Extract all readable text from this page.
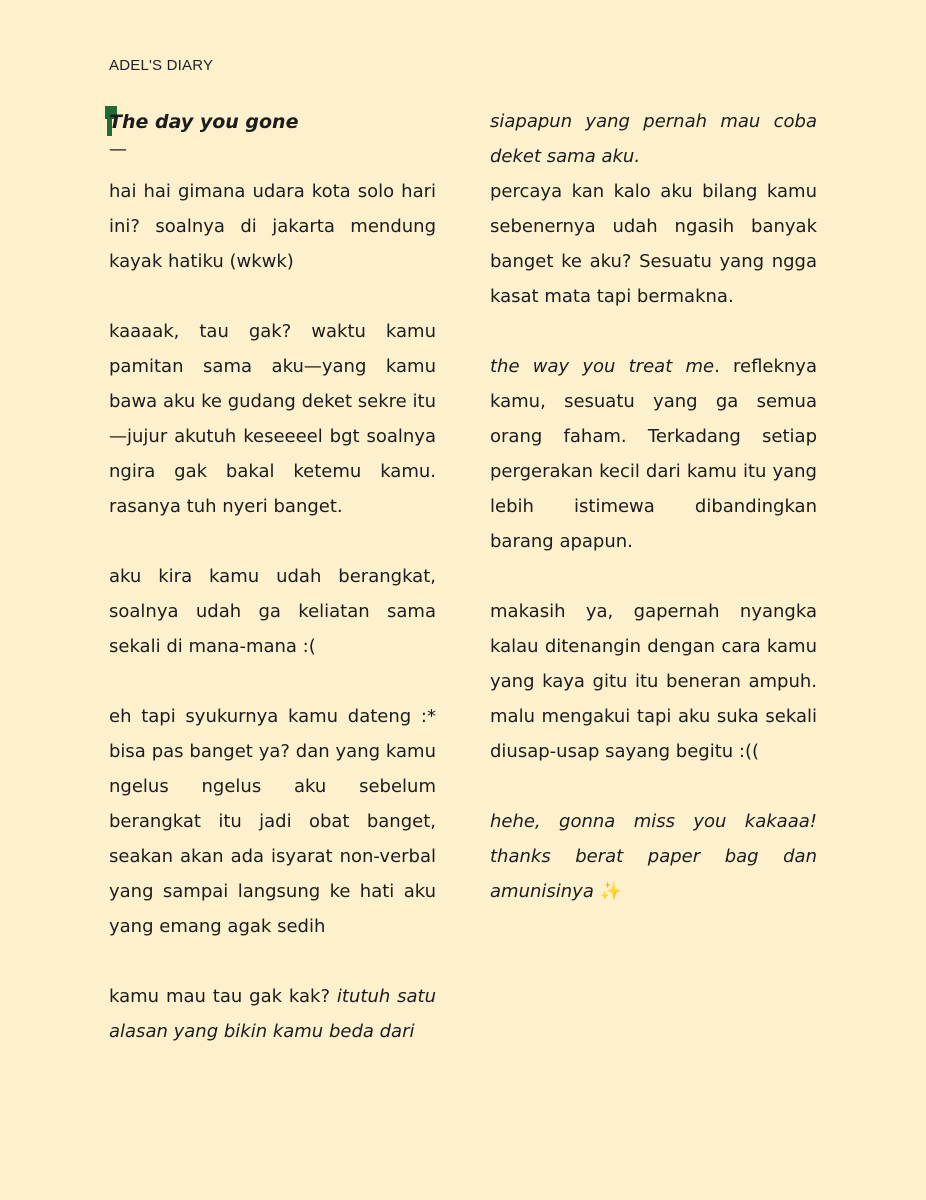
ADEL'S DIARY
The day you gone
—

hai hai gimana udara kota solo hari ini? soalnya di jakarta mendung kayak hatiku (wkwk)

kaaaak, tau gak? waktu kamu pamitan sama aku—yang kamu bawa aku ke gudang deket sekre itu—jujur akutuh keseeeel bgt soalnya ngira gak bakal ketemu kamu. rasanya tuh nyeri banget.

aku kira kamu udah berangkat, soalnya udah ga keliatan sama sekali di mana-mana :(

eh tapi syukurnya kamu dateng :* bisa pas banget ya? dan yang kamu ngelus ngelus aku sebelum berangkat itu jadi obat banget, seakan akan ada isyarat non-verbal yang sampai langsung ke hati aku yang emang agak sedih

kamu mau tau gak kak? itutuh satu alasan yang bikin kamu beda dari

siapapun yang pernah mau coba deket sama aku.

percaya kan kalo aku bilang kamu sebenernya udah ngasih banyak banget ke aku? Sesuatu yang ngga kasat mata tapi bermakna.

the way you treat me. refleknya kamu, sesuatu yang ga semua orang faham. Terkadang setiap pergerakan kecil dari kamu itu yang lebih istimewa dibandingkan barang apapun.

makasih ya, gapernah nyangka kalau ditenangin dengan cara kamu yang kaya gitu itu beneran ampuh. malu mengakui tapi aku suka sekali diusap-usap sayang begitu :((

hehe, gonna miss you kakaaa! thanks berat paper bag dan amunisinya ✨
